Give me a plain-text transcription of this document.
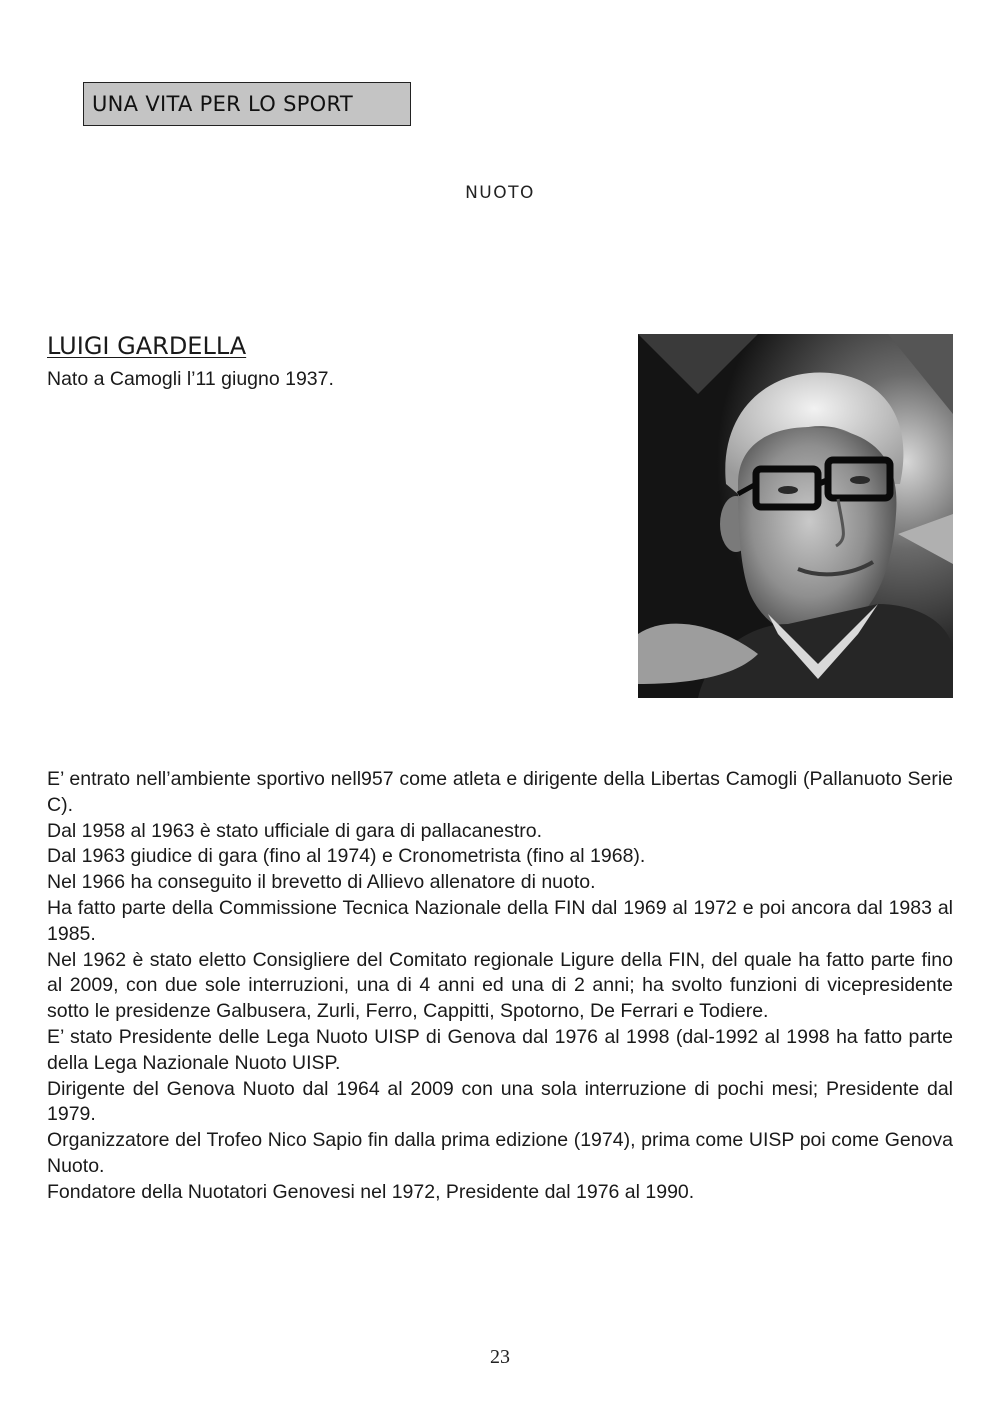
UNA VITA PER LO SPORT
NUOTO
LUIGI GARDELLA
Nato a Camogli l’11 giugno 1937.

E’ entrato nell’ambiente sportivo nell957 come atleta e dirigente della Libertas Camogli (Pallanuoto Serie C).

Dal 1958 al 1963 è stato ufficiale di gara di pallacanestro.

Dal 1963 giudice di gara (fino al 1974) e Cronometrista (fino al 1968).

Nel 1966 ha conseguito il brevetto di Allievo allenatore di nuoto.

Ha fatto parte della Commissione Tecnica Nazionale della FIN dal 1969 al 1972 e poi ancora dal 1983 al 1985.

Nel 1962 è stato eletto Consigliere del Comitato regionale Ligure della FIN, del quale ha fatto parte fino al 2009, con due sole interruzioni, una di 4 anni ed una di 2 anni; ha svolto funzioni di vicepresidente sotto le presidenze Galbusera, Zurli, Ferro, Cappitti, Spotorno, De Ferrari e Todiere.

E’ stato Presidente delle Lega Nuoto UISP di Genova dal 1976 al 1998 (dal-1992 al 1998 ha fatto parte della Lega Nazionale Nuoto UISP.

Dirigente del Genova Nuoto dal 1964 al 2009 con una sola interruzione di pochi mesi; Presidente dal 1979.

Organizzatore del Trofeo Nico Sapio fin dalla prima edizione (1974), prima come UISP poi come Genova Nuoto.

Fondatore della Nuotatori Genovesi nel 1972, Presidente dal 1976 al 1990.

23
